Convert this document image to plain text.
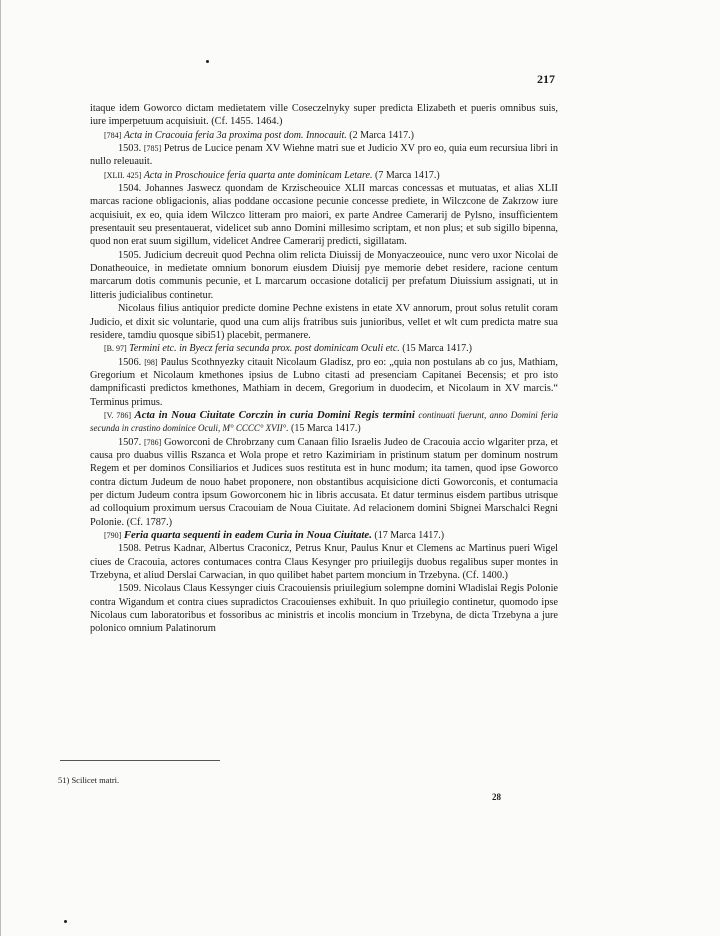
217

itaque idem Goworco dictam medietatem ville Coseczelnyky super predicta Elizabeth et pueris omnibus suis, iure imperpetuum acquisiuit. (Cf. 1455. 1464.)

[784] Acta in Cracouia feria 3a proxima post dom. Innocauit. (2 Marca 1417.)

1503. [785] Petrus de Lucice penam XV Wiehne matri sue et Judicio XV pro eo, quia eum recursiua libri in nullo releuauit.

[XLII. 425] Acta in Proschouice feria quarta ante dominicam Letare. (7 Marca 1417.)

1504. Johannes Jaswecz quondam de Krzischeouice XLII marcas concessas et mutuatas, et alias XLII marcas racione obligacionis, alias poddane occasione pecunie concesse prediete, in Wilczcone de Zakrzow iure acquisiuit, ex eo, quia idem Wilczco litteram pro maiori, ex parte Andree Camerarij de Pylsno, insufficientem presentauit seu presentauerat, videlicet sub anno Domini millesimo scriptam, et non plus; et sub sigillo bipenna, quod non erat suum sigillum, videlicet Andree Camerarij predicti, sigillatam.

1505. Judicium decreuit quod Pechna olim relicta Diuissij de Monyaczeouice, nunc vero uxor Nicolai de Donatheouice, in medietate omnium bonorum eiusdem Diuisij pye memorie debet residere, racione centum marcarum dotis communis pecunie, et L marcarum occasione dotalicij per prefatum Diuissium assignati, ut in litteris judicialibus continetur.

Nicolaus filius antiquior predicte domine Pechne existens in etate XV annorum, prout solus retulit coram Judicio, et dixit sic voluntarie, quod una cum alijs fratribus suis junioribus, vellet et wlt cum predicta matre sua residere, tamdiu quosque sibi51) placebit, permanere.

[B. 97] Termini etc. in Byecz feria secunda prox. post dominicam Oculi etc. (15 Marca 1417.)

1506. [98] Paulus Scothnyezky citauit Nicolaum Gladisz, pro eo: „quia non postulans ab co jus, Mathiam, Gregorium et Nicolaum kmethones ipsius de Lubno citasti ad presenciam Capitanei Becensis; et pro isto dampnificasti predictos kmethones, Mathiam in decem, Gregorium in duodecim, et Nicolaum in XV marcis.“ Terminus primus.

[V. 786] Acta in Noua Ciuitate Corczin in curia Domini Regis termini continuati fuerunt, anno Domini feria secunda in crastino dominice Oculi, M° CCCC° XVII°. (15 Marca 1417.)

1507. [786] Goworconi de Chrobrzany cum Canaan filio Israelis Judeo de Cracouia accio wlgariter przа, et causa pro duabus villis Rszanca et Wola prope et retro Kazimiriam in pristinum statum per dominum nostrum Regem et per dominos Consiliarios et Judices suos restituta est in hunc modum; ita tamen, quod ipse Goworco contra dictum Judeum de nouo habet proponere, non obstantibus acquisicione dicti Goworconis, et contumacia per dictum Judeum contra ipsum Goworconem hic in libris accusata. Et datur terminus eisdem partibus utrisque ad colloquium proximum uersus Cracouiam de Noua Ciuitate. Ad relacionem domini Sbignei Marschalci Regni Polonie. (Cf. 1787.)

[790] Feria quarta sequenti in eadem Curia in Noua Ciuitate. (17 Marca 1417.)

1508. Petrus Kadnar, Albertus Craconicz, Petrus Knur, Paulus Knur et Clemens ac Martinus pueri Wigel ciues de Cracouia, actores contumaces contra Claus Kesynger pro priuilegijs duobus regalibus super montes in Trzebyna, et aliud Derslai Carwacian, in quo quilibet habet partem moncium in Trzebyna. (Cf. 1400.)

1509. Nicolaus Claus Kessynger ciuis Cracouiensis priuilegium solempne domini Wladislai Regis Polonie contra Wigandum et contra ciues supradictos Cracouienses exhibuit. In quo priuilegio continetur, quomodo ipse Nicolaus cum laboratoribus et fossoribus ac ministris et incolis moncium in Trzebyna, de dicta Trzebyna a jure polonico omnium Palatinorum

51) Scilicet matri.
28
